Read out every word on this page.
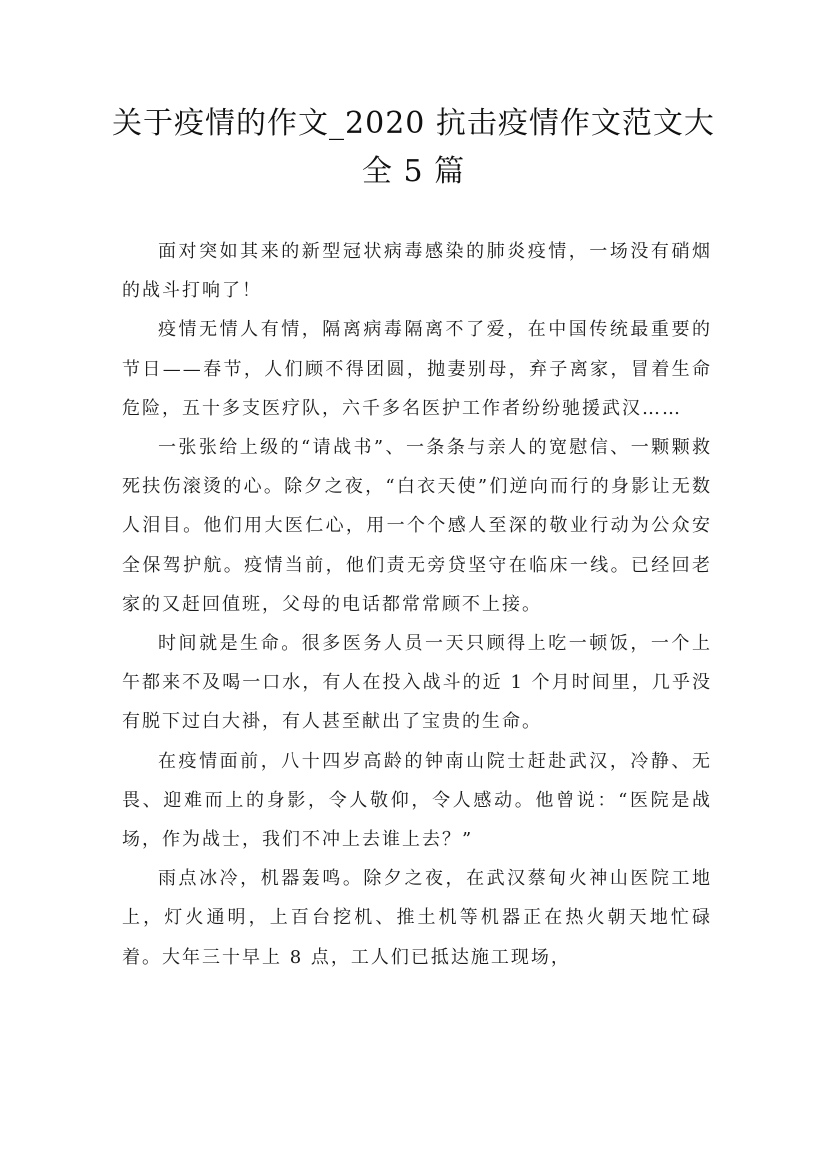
关于疫情的作文_2020 抗击疫情作文范文大全 5 篇

面对突如其来的新型冠状病毒感染的肺炎疫情，一场没有硝烟的战斗打响了！

疫情无情人有情，隔离病毒隔离不了爱，在中国传统最重要的节日——春节，人们顾不得团圆，抛妻别母，弃子离家，冒着生命危险，五十多支医疗队，六千多名医护工作者纷纷驰援武汉……

一张张给上级的“请战书”、一条条与亲人的宽慰信、一颗颗救死扶伤滚烫的心。除夕之夜，“白衣天使”们逆向而行的身影让无数人泪目。他们用大医仁心，用一个个感人至深的敬业行动为公众安全保驾护航。疫情当前，他们责无旁贷坚守在临床一线。已经回老家的又赶回值班，父母的电话都常常顾不上接。

时间就是生命。很多医务人员一天只顾得上吃一顿饭，一个上午都来不及喝一口水，有人在投入战斗的近 1 个月时间里，几乎没有脱下过白大褂，有人甚至献出了宝贵的生命。

在疫情面前，八十四岁高龄的钟南山院士赶赴武汉，冷静、无畏、迎难而上的身影，令人敬仰，令人感动。他曾说：“医院是战场，作为战士，我们不冲上去谁上去？”

雨点冰冷，机器轰鸣。除夕之夜，在武汉蔡甸火神山医院工地上，灯火通明，上百台挖机、推土机等机器正在热火朝天地忙碌着。大年三十早上 8 点，工人们已抵达施工现场，
